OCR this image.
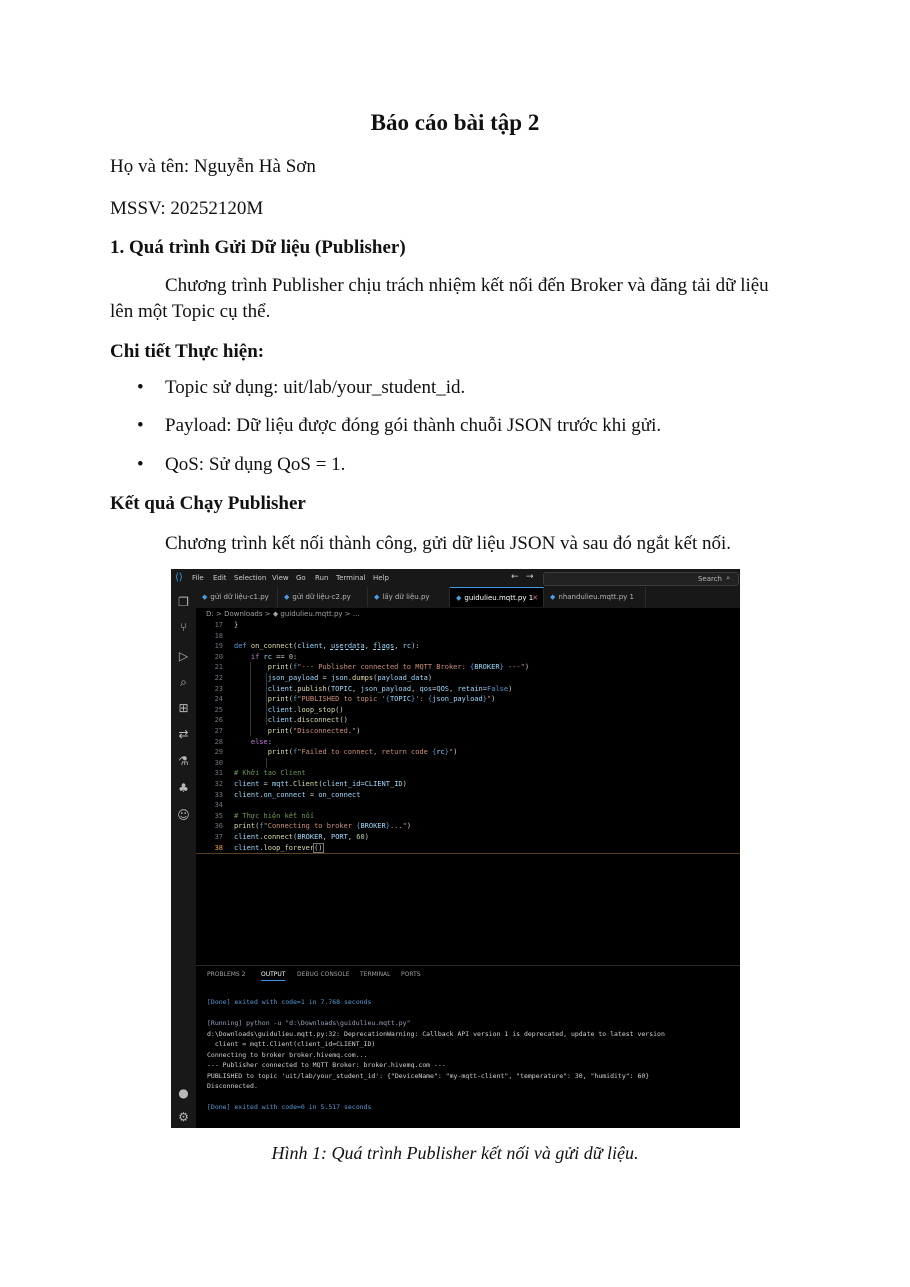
Báo cáo bài tập 2
Họ và tên: Nguyễn Hà Sơn
MSSV: 20252120M
1. Quá trình Gửi Dữ liệu (Publisher)
Chương trình Publisher chịu trách nhiệm kết nối đến Broker và đăng tải dữ liệu
lên một Topic cụ thể.
Chi tiết Thực hiện:
• Topic sử dụng: uit/lab/your_student_id.
• Payload: Dữ liệu được đóng gói thành chuỗi JSON trước khi gửi.
• QoS: Sử dụng QoS = 1.
Kết quả Chạy Publisher
Chương trình kết nối thành công, gửi dữ liệu JSON và sau đó ngắt kết nối.
⟨⟩	File Edit Selection View Go Run Terminal Help	← →	⌕
Search
❐
⑂
▷
⌕
⊞
⇄
⚗
♣
☺
●
⚙
◆ gửi dữ liệu-c1.py	◆ gửi dữ liệu-c2.py	◆ lấy dữ liệu.py	◆ guidulieu.mqtt.py 1
✕	◆ nhandulieu.mqtt.py 1
D: > Downloads > ◆ guidulieu.mqtt.py > ...
17 }
18
19 def on_connect(client, userdata, flags, rc):
20	if rc == 0:
21	print(f"--- Publisher connected to MQTT Broker: {BROKER} ---")
22	json_payload = json.dumps(payload_data)
23	client.publish(TOPIC, json_payload, qos=QOS, retain=False)
24	print(f"PUBLISHED to topic '{TOPIC}': {json_payload}")
25	client.loop_stop()
26	client.disconnect()
27	print("Disconnected.")
28	else:
29	print(f"Failed to connect, return code {rc}")
30
31 # Khởi tạo Client
32 client = mqtt.Client(client_id=CLIENT_ID)
33 client.on_connect = on_connect
34
35 # Thực hiện kết nối
36 print(f"Connecting to broker {BROKER}...")
37 client.connect(BROKER, PORT, 60)
38 client.loop_forever()
PROBLEMS 2	OUTPUT DEBUG CONSOLE TERMINAL PORTS
[Done] exited with code=1 in 7.768 seconds
[Running] python -u "d:\Downloads\guidulieu.mqtt.py"
d:\Downloads\guidulieu.mqtt.py:32: DeprecationWarning: Callback API version 1 is deprecated, update to latest version
client = mqtt.Client(client_id=CLIENT_ID)
Connecting to broker broker.hivemq.com...
--- Publisher connected to MQTT Broker: broker.hivemq.com ---
PUBLISHED to topic 'uit/lab/your_student_id': {"DeviceName": "my-mqtt-client", "temperature": 30, "humidity": 60}
Disconnected.
[Done] exited with code=0 in 5.517 seconds
Hình 1: Quá trình Publisher kết nối và gửi dữ liệu.
